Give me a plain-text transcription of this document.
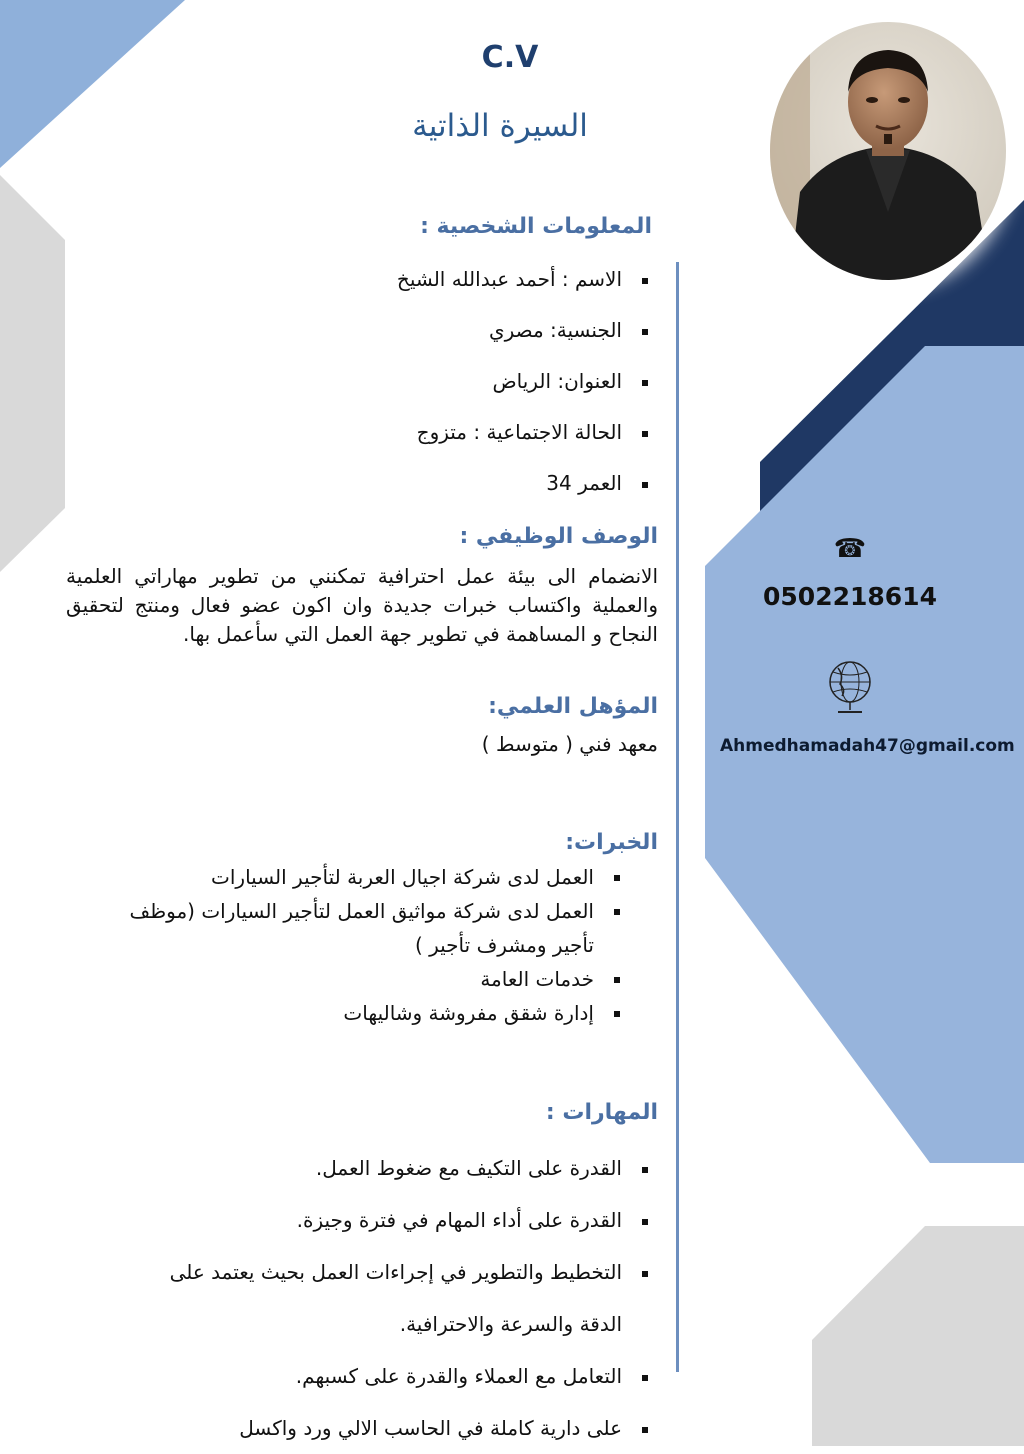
C.V
السيرة الذاتية
المعلومات الشخصية :
الاسم : أحمد عبدالله الشيخ
الجنسية: مصري
العنوان: الرياض
الحالة الاجتماعية : متزوج
العمر 34
الوصف الوظيفي :
الانضمام الى بيئة عمل احترافية تمكنني من تطوير مهاراتي العلمية والعملية واكتساب خبرات جديدة وان اكون عضو فعال ومنتج لتحقيق النجاح و المساهمة في تطوير جهة العمل التي سأعمل بها.
المؤهل العلمي:
معهد فني ( متوسط )
الخبرات:
العمل لدى شركة اجيال العربة لتأجير السيارات
العمل لدى شركة مواثيق العمل لتأجير السيارات (موظف
تأجير ومشرف تأجير )
خدمات العامة
إدارة شقق مفروشة وشاليهات
المهارات :
القدرة على التكيف مع ضغوط العمل.
القدرة على أداء المهام في فترة وجيزة.
التخطيط والتطوير في إجراءات العمل بحيث يعتمد على
الدقة والسرعة والاحترافية.
التعامل مع العملاء والقدرة على كسبهم.
على دارية كاملة في الحاسب الالي ورد واكسل
☎
0502218614
Ahmedhamadah47@gmail.com
